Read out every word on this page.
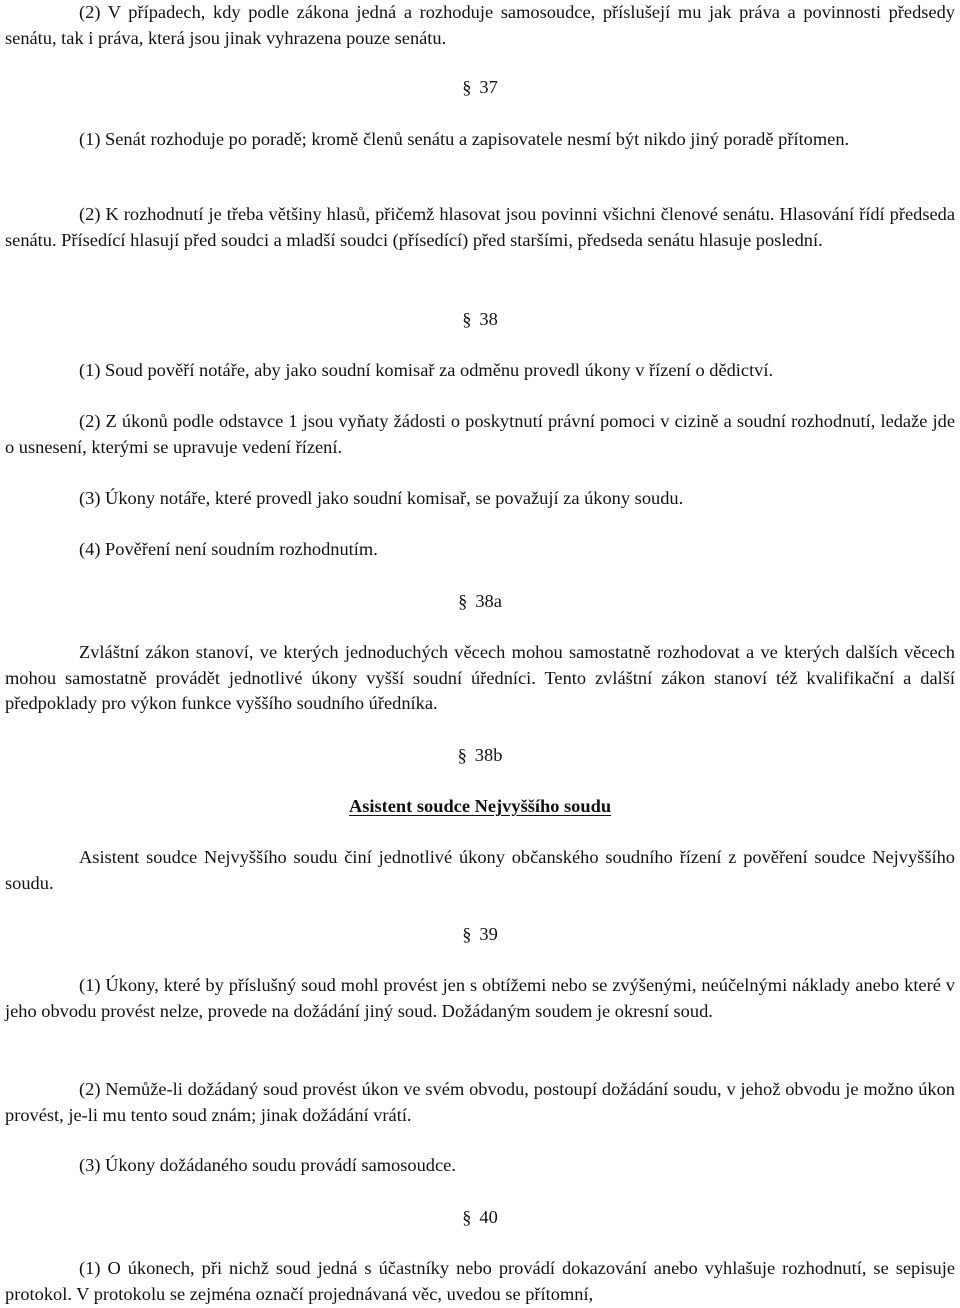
(2) V případech, kdy podle zákona jedná a rozhoduje samosoudce, příslušejí mu jak práva a povinnosti předsedy senátu, tak i práva, která jsou jinak vyhrazena pouze senátu.

§ 37

(1) Senát rozhoduje po poradě; kromě členů senátu a zapisovatele nesmí být nikdo jiný poradě přítomen.

(2) K rozhodnutí je třeba většiny hlasů, přičemž hlasovat jsou povinni všichni členové senátu. Hlasování řídí předseda senátu. Přísedící hlasují před soudci a mladší soudci (přísedící) před staršími, předseda senátu hlasuje poslední.

§ 38

(1) Soud pověří notáře, aby jako soudní komisař za odměnu provedl úkony v řízení o dědictví.

(2) Z úkonů podle odstavce 1 jsou vyňaty žádosti o poskytnutí právní pomoci v cizině a soudní rozhodnutí, ledaže jde o usnesení, kterými se upravuje vedení řízení.

(3) Úkony notáře, které provedl jako soudní komisař, se považují za úkony soudu.

(4) Pověření není soudním rozhodnutím.

§ 38a

Zvláštní zákon stanoví, ve kterých jednoduchých věcech mohou samostatně rozhodovat a ve kterých dalších věcech mohou samostatně provádět jednotlivé úkony vyšší soudní úředníci. Tento zvláštní zákon stanoví též kvalifikační a další předpoklady pro výkon funkce vyššího soudního úředníka.

§ 38b

Asistent soudce Nejvyššího soudu

Asistent soudce Nejvyššího soudu činí jednotlivé úkony občanského soudního řízení z pověření soudce Nejvyššího soudu.

§ 39

(1) Úkony, které by příslušný soud mohl provést jen s obtížemi nebo se zvýšenými, neúčelnými náklady anebo které v jeho obvodu provést nelze, provede na dožádání jiný soud. Dožádaným soudem je okresní soud.

(2) Nemůže-li dožádaný soud provést úkon ve svém obvodu, postoupí dožádání soudu, v jehož obvodu je možno úkon provést, je-li mu tento soud znám; jinak dožádání vrátí.

(3) Úkony dožádaného soudu provádí samosoudce.

§ 40

(1) O úkonech, při nichž soud jedná s účastníky nebo provádí dokazování anebo vyhlašuje rozhodnutí, se sepisuje protokol. V protokolu se zejména označí projednávaná věc, uvedou se přítomní,
